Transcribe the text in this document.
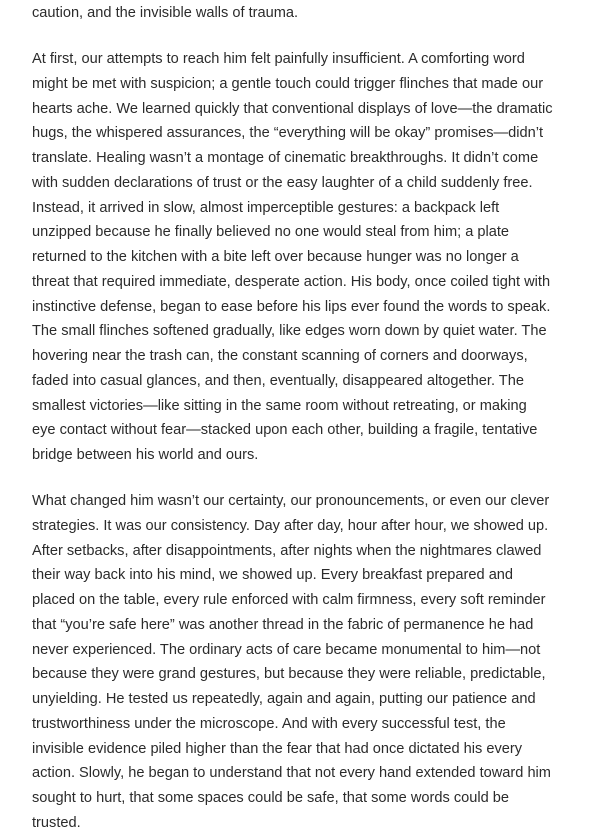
caution, and the invisible walls of trauma.
At first, our attempts to reach him felt painfully insufficient. A comforting word
might be met with suspicion; a gentle touch could trigger flinches that made our
hearts ache. We learned quickly that conventional displays of love—the dramatic
hugs, the whispered assurances, the “everything will be okay” promises—didn’t
translate. Healing wasn’t a montage of cinematic breakthroughs. It didn’t come
with sudden declarations of trust or the easy laughter of a child suddenly free.
Instead, it arrived in slow, almost imperceptible gestures: a backpack left
unzipped because he finally believed no one would steal from him; a plate
returned to the kitchen with a bite left over because hunger was no longer a
threat that required immediate, desperate action. His body, once coiled tight with
instinctive defense, began to ease before his lips ever found the words to speak.
The small flinches softened gradually, like edges worn down by quiet water. The
hovering near the trash can, the constant scanning of corners and doorways,
faded into casual glances, and then, eventually, disappeared altogether. The
smallest victories—like sitting in the same room without retreating, or making
eye contact without fear—stacked upon each other, building a fragile, tentative
bridge between his world and ours.
What changed him wasn’t our certainty, our pronouncements, or even our clever
strategies. It was our consistency. Day after day, hour after hour, we showed up.
After setbacks, after disappointments, after nights when the nightmares clawed
their way back into his mind, we showed up. Every breakfast prepared and
placed on the table, every rule enforced with calm firmness, every soft reminder
that “you’re safe here” was another thread in the fabric of permanence he had
never experienced. The ordinary acts of care became monumental to him—not
because they were grand gestures, but because they were reliable, predictable,
unyielding. He tested us repeatedly, again and again, putting our patience and
trustworthiness under the microscope. And with every successful test, the
invisible evidence piled higher than the fear that had once dictated his every
action. Slowly, he began to understand that not every hand extended toward him
sought to hurt, that some spaces could be safe, that some words could be
trusted.
